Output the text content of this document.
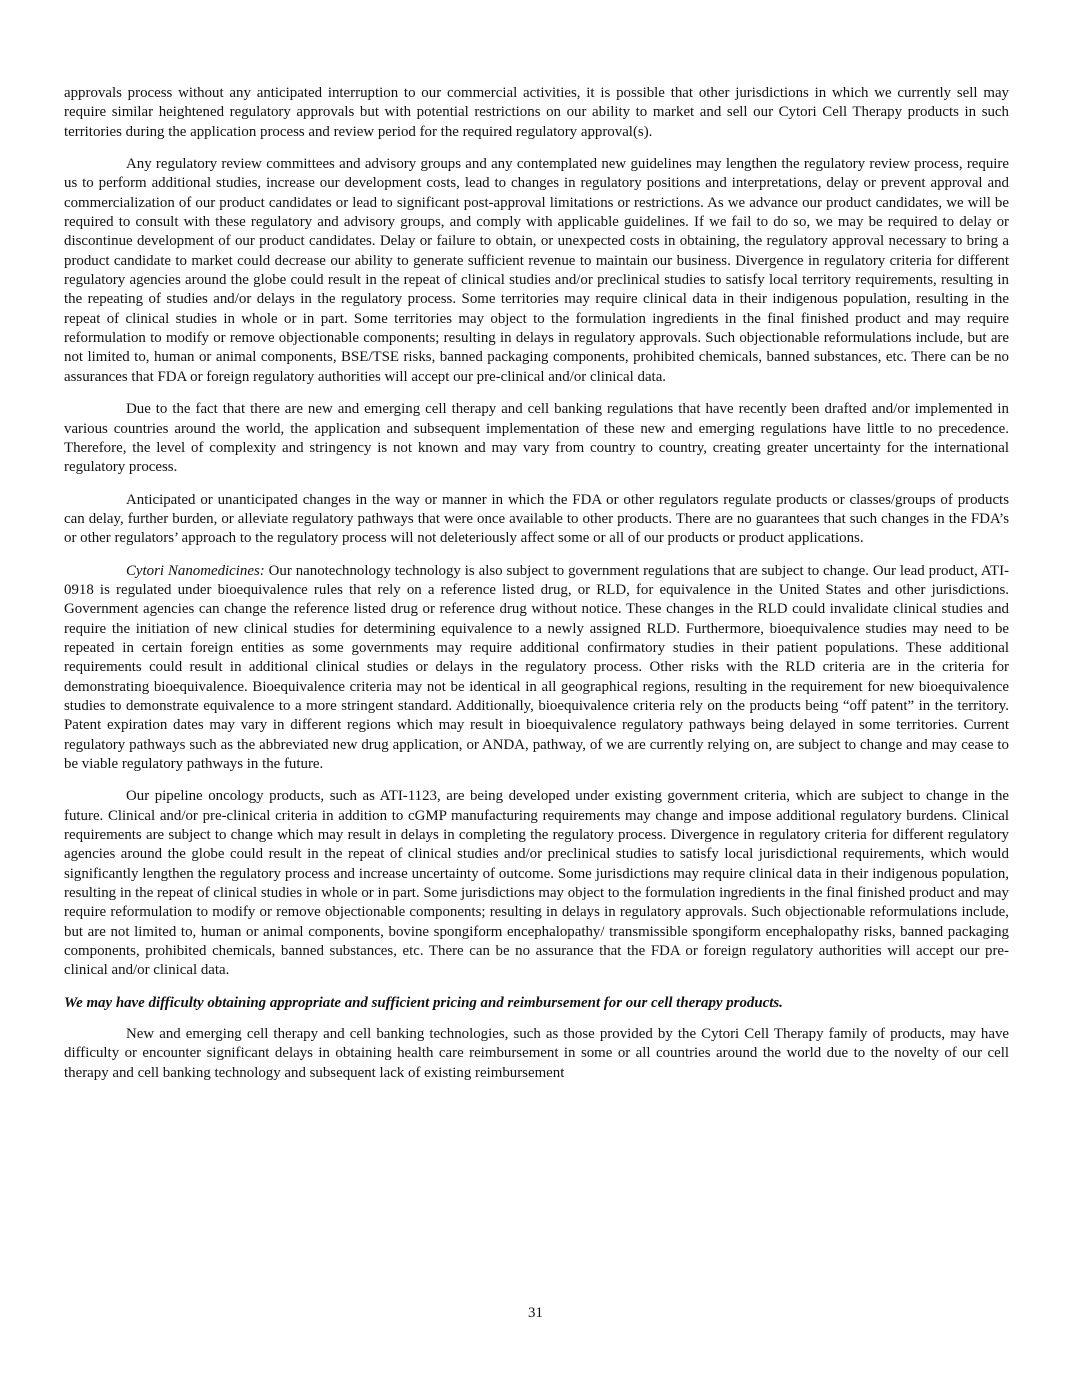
approvals process without any anticipated interruption to our commercial activities, it is possible that other jurisdictions in which we currently sell may require similar heightened regulatory approvals but with potential restrictions on our ability to market and sell our Cytori Cell Therapy products in such territories during the application process and review period for the required regulatory approval(s).

Any regulatory review committees and advisory groups and any contemplated new guidelines may lengthen the regulatory review process, require us to perform additional studies, increase our development costs, lead to changes in regulatory positions and interpretations, delay or prevent approval and commercialization of our product candidates or lead to significant post-approval limitations or restrictions. As we advance our product candidates, we will be required to consult with these regulatory and advisory groups, and comply with applicable guidelines. If we fail to do so, we may be required to delay or discontinue development of our product candidates. Delay or failure to obtain, or unexpected costs in obtaining, the regulatory approval necessary to bring a product candidate to market could decrease our ability to generate sufficient revenue to maintain our business. Divergence in regulatory criteria for different regulatory agencies around the globe could result in the repeat of clinical studies and/or preclinical studies to satisfy local territory requirements, resulting in the repeating of studies and/or delays in the regulatory process. Some territories may require clinical data in their indigenous population, resulting in the repeat of clinical studies in whole or in part. Some territories may object to the formulation ingredients in the final finished product and may require reformulation to modify or remove objectionable components; resulting in delays in regulatory approvals. Such objectionable reformulations include, but are not limited to, human or animal components, BSE/TSE risks, banned packaging components, prohibited chemicals, banned substances, etc. There can be no assurances that FDA or foreign regulatory authorities will accept our pre-clinical and/or clinical data.

Due to the fact that there are new and emerging cell therapy and cell banking regulations that have recently been drafted and/or implemented in various countries around the world, the application and subsequent implementation of these new and emerging regulations have little to no precedence. Therefore, the level of complexity and stringency is not known and may vary from country to country, creating greater uncertainty for the international regulatory process.

Anticipated or unanticipated changes in the way or manner in which the FDA or other regulators regulate products or classes/groups of products can delay, further burden, or alleviate regulatory pathways that were once available to other products. There are no guarantees that such changes in the FDA’s or other regulators’ approach to the regulatory process will not deleteriously affect some or all of our products or product applications.

Cytori Nanomedicines: Our nanotechnology technology is also subject to government regulations that are subject to change. Our lead product, ATI-0918 is regulated under bioequivalence rules that rely on a reference listed drug, or RLD, for equivalence in the United States and other jurisdictions. Government agencies can change the reference listed drug or reference drug without notice. These changes in the RLD could invalidate clinical studies and require the initiation of new clinical studies for determining equivalence to a newly assigned RLD. Furthermore, bioequivalence studies may need to be repeated in certain foreign entities as some governments may require additional confirmatory studies in their patient populations. These additional requirements could result in additional clinical studies or delays in the regulatory process. Other risks with the RLD criteria are in the criteria for demonstrating bioequivalence. Bioequivalence criteria may not be identical in all geographical regions, resulting in the requirement for new bioequivalence studies to demonstrate equivalence to a more stringent standard. Additionally, bioequivalence criteria rely on the products being “off patent” in the territory. Patent expiration dates may vary in different regions which may result in bioequivalence regulatory pathways being delayed in some territories. Current regulatory pathways such as the abbreviated new drug application, or ANDA, pathway, of we are currently relying on, are subject to change and may cease to be viable regulatory pathways in the future.

Our pipeline oncology products, such as ATI-1123, are being developed under existing government criteria, which are subject to change in the future. Clinical and/or pre-clinical criteria in addition to cGMP manufacturing requirements may change and impose additional regulatory burdens. Clinical requirements are subject to change which may result in delays in completing the regulatory process. Divergence in regulatory criteria for different regulatory agencies around the globe could result in the repeat of clinical studies and/or preclinical studies to satisfy local jurisdictional requirements, which would significantly lengthen the regulatory process and increase uncertainty of outcome. Some jurisdictions may require clinical data in their indigenous population, resulting in the repeat of clinical studies in whole or in part. Some jurisdictions may object to the formulation ingredients in the final finished product and may require reformulation to modify or remove objectionable components; resulting in delays in regulatory approvals. Such objectionable reformulations include, but are not limited to, human or animal components, bovine spongiform encephalopathy/ transmissible spongiform encephalopathy risks, banned packaging components, prohibited chemicals, banned substances, etc. There can be no assurance that the FDA or foreign regulatory authorities will accept our pre-clinical and/or clinical data.

We may have difficulty obtaining appropriate and sufficient pricing and reimbursement for our cell therapy products.

New and emerging cell therapy and cell banking technologies, such as those provided by the Cytori Cell Therapy family of products, may have difficulty or encounter significant delays in obtaining health care reimbursement in some or all countries around the world due to the novelty of our cell therapy and cell banking technology and subsequent lack of existing reimbursement

31
